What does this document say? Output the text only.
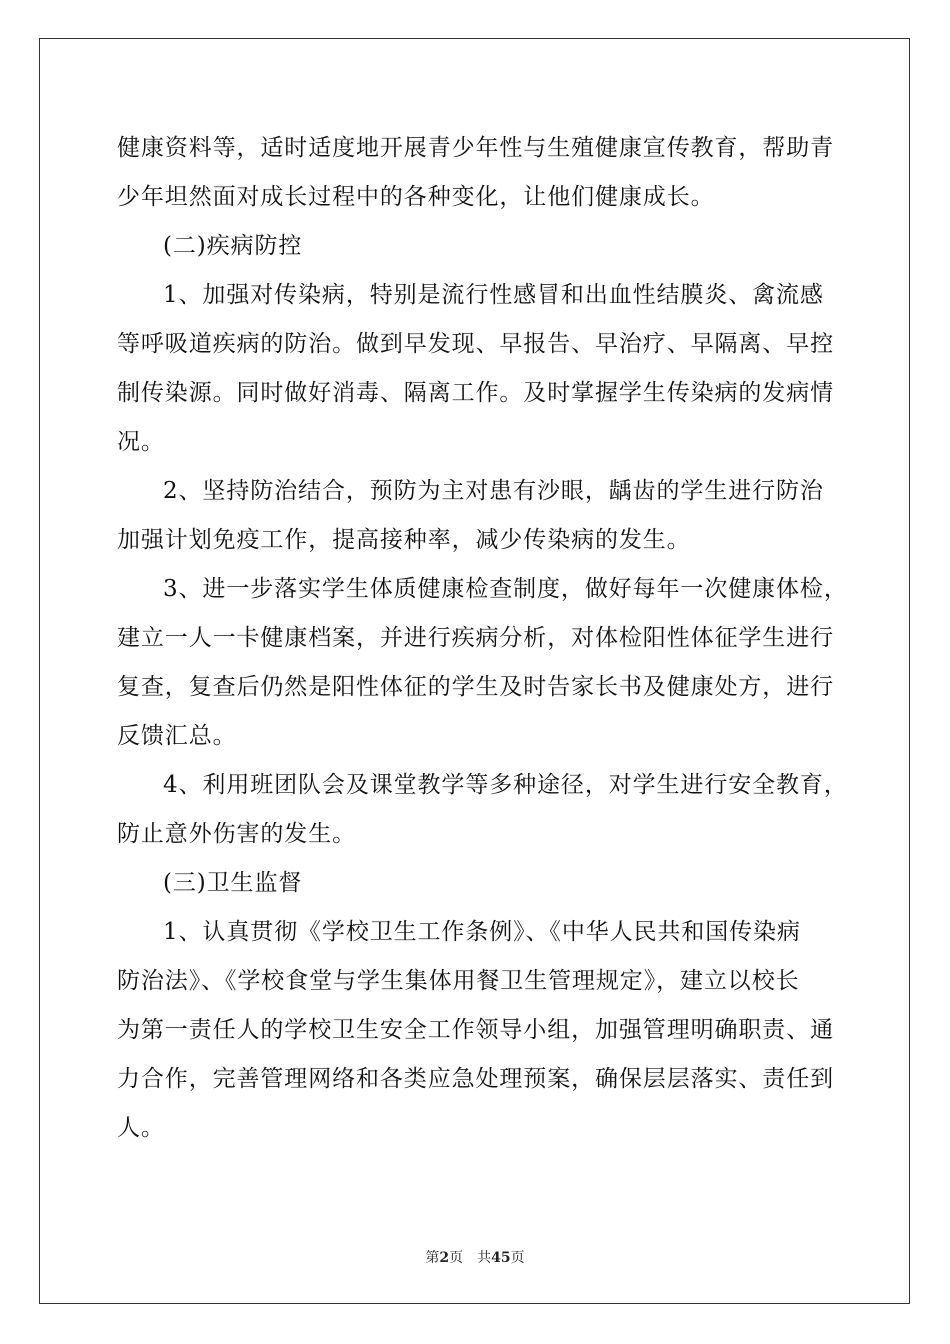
健康资料等，适时适度地开展青少年性与生殖健康宣传教育，帮助青
少年坦然面对成长过程中的各种变化，让他们健康成长。
(二)疾病防控
1、加强对传染病，特别是流行性感冒和出血性结膜炎、禽流感
等呼吸道疾病的防治。做到早发现、早报告、早治疗、早隔离、早控
制传染源。同时做好消毒、隔离工作。及时掌握学生传染病的发病情
况。
2、坚持防治结合，预防为主对患有沙眼，龋齿的学生进行防治
加强计划免疫工作，提高接种率，减少传染病的发生。
3、进一步落实学生体质健康检查制度，做好每年一次健康体检，
建立一人一卡健康档案，并进行疾病分析，对体检阳性体征学生进行
复查，复查后仍然是阳性体征的学生及时告家长书及健康处方，进行
反馈汇总。
4、利用班团队会及课堂教学等多种途径，对学生进行安全教育，
防止意外伤害的发生。
(三)卫生监督
1、认真贯彻《学校卫生工作条例》、《中华人民共和国传染病
防治法》、《学校食堂与学生集体用餐卫生管理规定》，建立以校长
为第一责任人的学校卫生安全工作领导小组，加强管理明确职责、通
力合作，完善管理网络和各类应急处理预案，确保层层落实、责任到
人。
第2页 共45页
